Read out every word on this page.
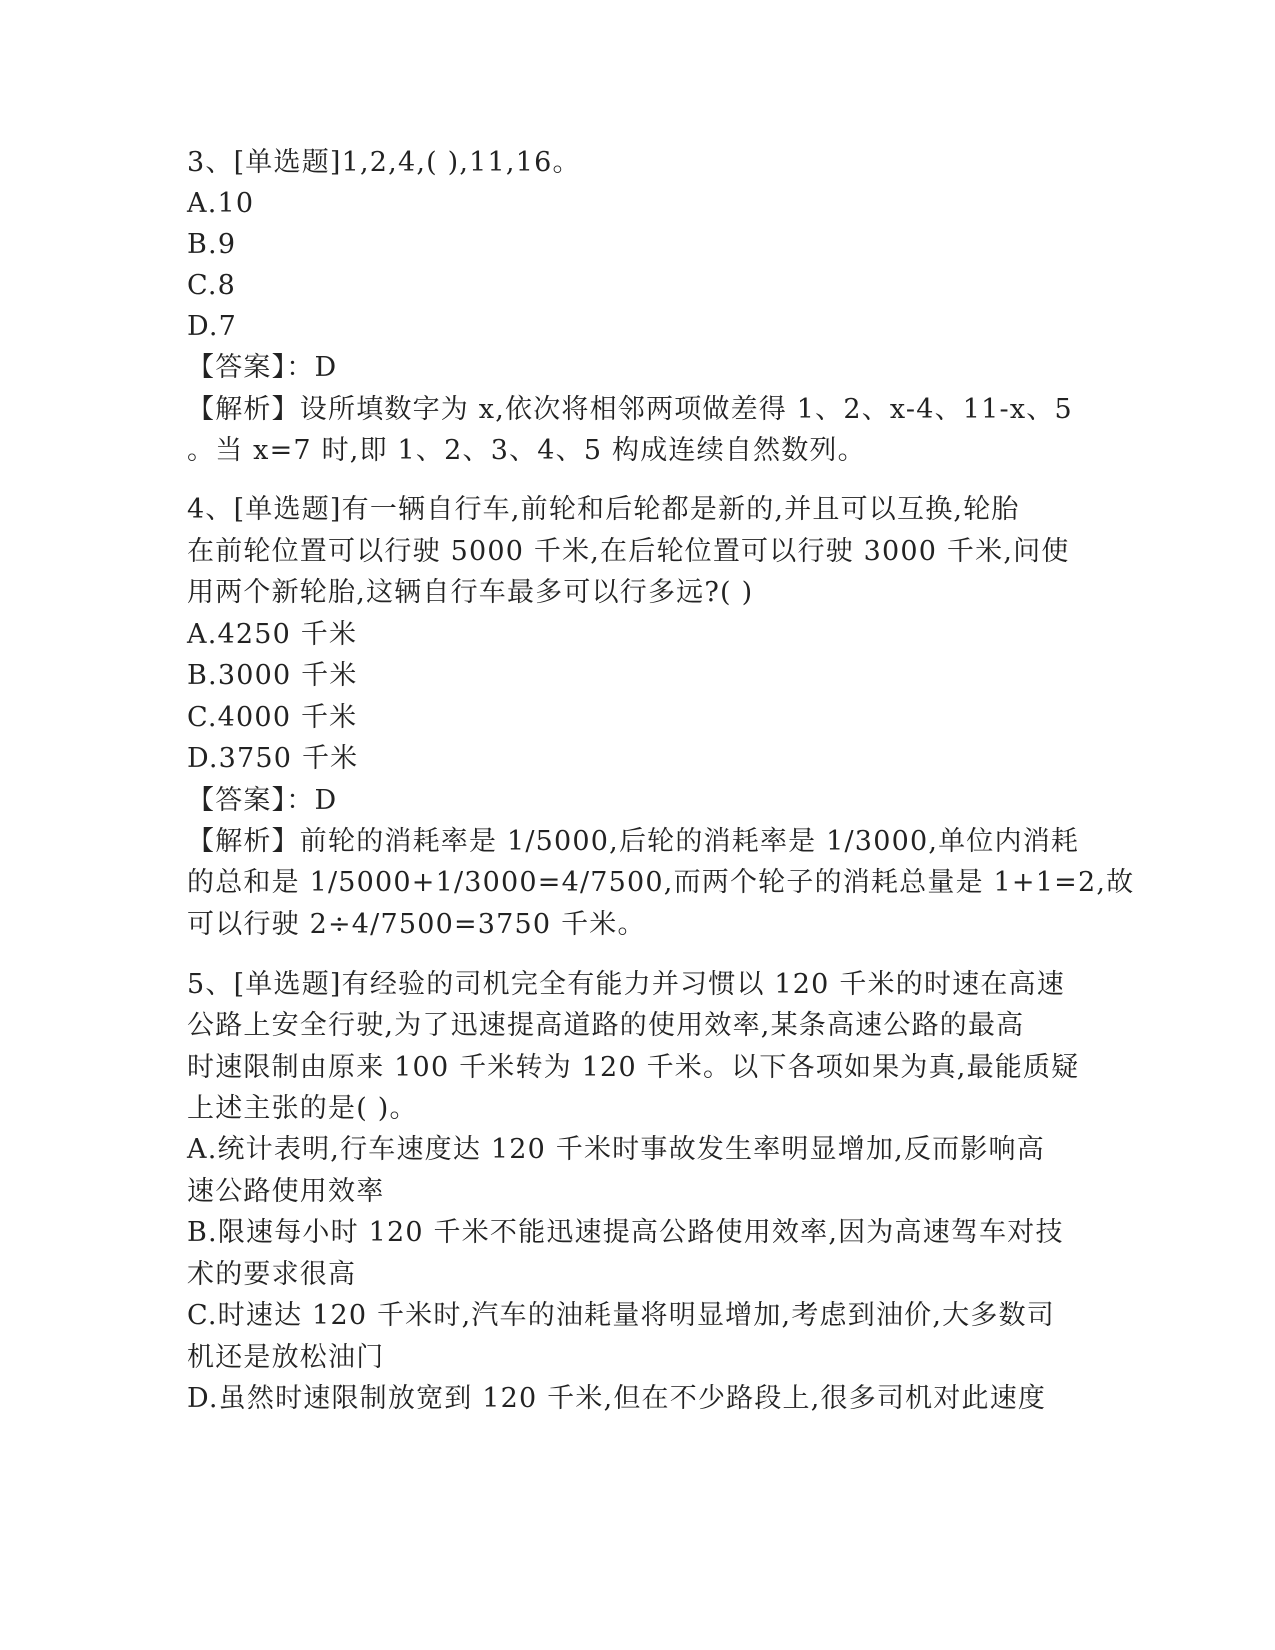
3、[单选题]1,2,4,( ),11,16。
A.10
B.9
C.8
D.7
【答案】：D
【解析】设所填数字为 x,依次将相邻两项做差得 1、2、x-4、11-x、5
。当 x=7 时,即 1、2、3、4、5 构成连续自然数列。
4、[单选题]有一辆自行车,前轮和后轮都是新的,并且可以互换,轮胎
在前轮位置可以行驶 5000 千米,在后轮位置可以行驶 3000 千米,问使
用两个新轮胎,这辆自行车最多可以行多远?( )
A.4250 千米
B.3000 千米
C.4000 千米
D.3750 千米
【答案】：D
【解析】前轮的消耗率是 1/5000,后轮的消耗率是 1/3000,单位内消耗
的总和是 1/5000+1/3000=4/7500,而两个轮子的消耗总量是 1+1=2,故
可以行驶 2÷4/7500=3750 千米。
5、[单选题]有经验的司机完全有能力并习惯以 120 千米的时速在高速
公路上安全行驶,为了迅速提高道路的使用效率,某条高速公路的最高
时速限制由原来 100 千米转为 120 千米。以下各项如果为真,最能质疑
上述主张的是( )。
A.统计表明,行车速度达 120 千米时事故发生率明显增加,反而影响高
速公路使用效率
B.限速每小时 120 千米不能迅速提高公路使用效率,因为高速驾车对技
术的要求很高
C.时速达 120 千米时,汽车的油耗量将明显增加,考虑到油价,大多数司
机还是放松油门
D.虽然时速限制放宽到 120 千米,但在不少路段上,很多司机对此速度
